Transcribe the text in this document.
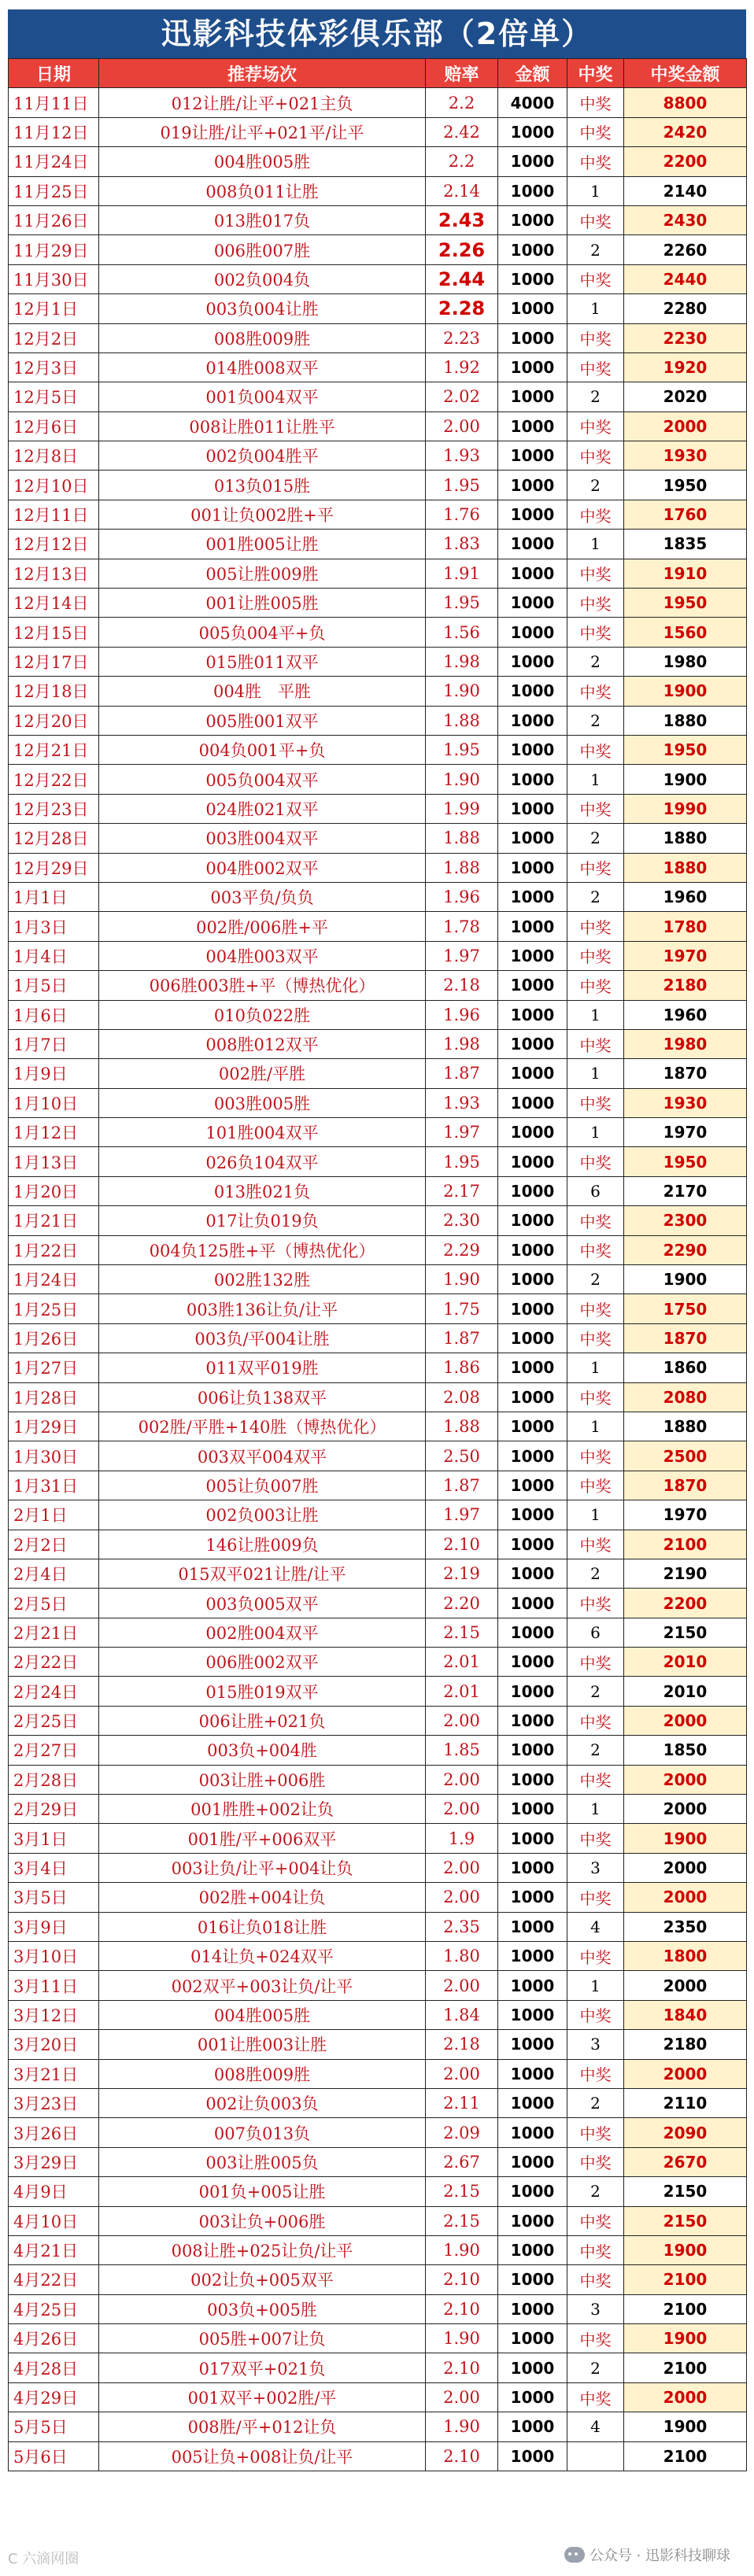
迅影科技体彩俱乐部（2倍单）
日期	推荐场次	赔率	金额	中奖	中奖金额
11月11日	012让胜/让平+021主负	2.2	4000	中奖	8800
11月12日	019让胜/让平+021平/让平	2.42	1000	中奖	2420
11月24日	004胜005胜	2.2	1000	中奖	2200
11月25日	008负011让胜	2.14	1000	1	2140
11月26日	013胜017负	2.43	1000	中奖	2430
11月29日	006胜007胜	2.26	1000	2	2260
11月30日	002负004负	2.44	1000	中奖	2440
12月1日	003负004让胜	2.28	1000	1	2280
12月2日	008胜009胜	2.23	1000	中奖	2230
12月3日	014胜008双平	1.92	1000	中奖	1920
12月5日	001负004双平	2.02	1000	2	2020
12月6日	008让胜011让胜平	2.00	1000	中奖	2000
12月8日	002负004胜平	1.93	1000	中奖	1930
12月10日	013负015胜	1.95	1000	2	1950
12月11日	001让负002胜+平	1.76	1000	中奖	1760
12月12日	001胜005让胜	1.83	1000	1	1835
12月13日	005让胜009胜	1.91	1000	中奖	1910
12月14日	001让胜005胜	1.95	1000	中奖	1950
12月15日	005负004平+负	1.56	1000	中奖	1560
12月17日	015胜011双平	1.98	1000	2	1980
12月18日	004胜　平胜	1.90	1000	中奖	1900
12月20日	005胜001双平	1.88	1000	2	1880
12月21日	004负001平+负	1.95	1000	中奖	1950
12月22日	005负004双平	1.90	1000	1	1900
12月23日	024胜021双平	1.99	1000	中奖	1990
12月28日	003胜004双平	1.88	1000	2	1880
12月29日	004胜002双平	1.88	1000	中奖	1880
1月1日	003平负/负负	1.96	1000	2	1960
1月3日	002胜/006胜+平	1.78	1000	中奖	1780
1月4日	004胜003双平	1.97	1000	中奖	1970
1月5日	006胜003胜+平（博热优化）	2.18	1000	中奖	2180
1月6日	010负022胜	1.96	1000	1	1960
1月7日	008胜012双平	1.98	1000	中奖	1980
1月9日	002胜/平胜	1.87	1000	1	1870
1月10日	003胜005胜	1.93	1000	中奖	1930
1月12日	101胜004双平	1.97	1000	1	1970
1月13日	026负104双平	1.95	1000	中奖	1950
1月20日	013胜021负	2.17	1000	6	2170
1月21日	017让负019负	2.30	1000	中奖	2300
1月22日	004负125胜+平（博热优化）	2.29	1000	中奖	2290
1月24日	002胜132胜	1.90	1000	2	1900
1月25日	003胜136让负/让平	1.75	1000	中奖	1750
1月26日	003负/平004让胜	1.87	1000	中奖	1870
1月27日	011双平019胜	1.86	1000	1	1860
1月28日	006让负138双平	2.08	1000	中奖	2080
1月29日	002胜/平胜+140胜（博热优化）	1.88	1000	1	1880
1月30日	003双平004双平	2.50	1000	中奖	2500
1月31日	005让负007胜	1.87	1000	中奖	1870
2月1日	002负003让胜	1.97	1000	1	1970
2月2日	146让胜009负	2.10	1000	中奖	2100
2月4日	015双平021让胜/让平	2.19	1000	2	2190
2月5日	003负005双平	2.20	1000	中奖	2200
2月21日	002胜004双平	2.15	1000	6	2150
2月22日	006胜002双平	2.01	1000	中奖	2010
2月24日	015胜019双平	2.01	1000	2	2010
2月25日	006让胜+021负	2.00	1000	中奖	2000
2月27日	003负+004胜	1.85	1000	2	1850
2月28日	003让胜+006胜	2.00	1000	中奖	2000
2月29日	001胜胜+002让负	2.00	1000	1	2000
3月1日	001胜/平+006双平	1.9	1000	中奖	1900
3月4日	003让负/让平+004让负	2.00	1000	3	2000
3月5日	002胜+004让负	2.00	1000	中奖	2000
3月9日	016让负018让胜	2.35	1000	4	2350
3月10日	014让负+024双平	1.80	1000	中奖	1800
3月11日	002双平+003让负/让平	2.00	1000	1	2000
3月12日	004胜005胜	1.84	1000	中奖	1840
3月20日	001让胜003让胜	2.18	1000	3	2180
3月21日	008胜009胜	2.00	1000	中奖	2000
3月23日	002让负003负	2.11	1000	2	2110
3月26日	007负013负	2.09	1000	中奖	2090
3月29日	003让胜005负	2.67	1000	中奖	2670
4月9日	001负+005让胜	2.15	1000	2	2150
4月10日	003让负+006胜	2.15	1000	中奖	2150
4月21日	008让胜+025让负/让平	1.90	1000	中奖	1900
4月22日	002让负+005双平	2.10	1000	中奖	2100
4月25日	003负+005胜	2.10	1000	3	2100
4月26日	005胜+007让负	1.90	1000	中奖	1900
4月28日	017双平+021负	2.10	1000	2	2100
4月29日	001双平+002胜/平	2.00	1000	中奖	2000
5月5日	008胜/平+012让负	1.90	1000	4	1900
5月6日	005让负+008让负/让平	2.10	1000		2100
C 六滴网圈	公众号 · 迅影科技聊球
